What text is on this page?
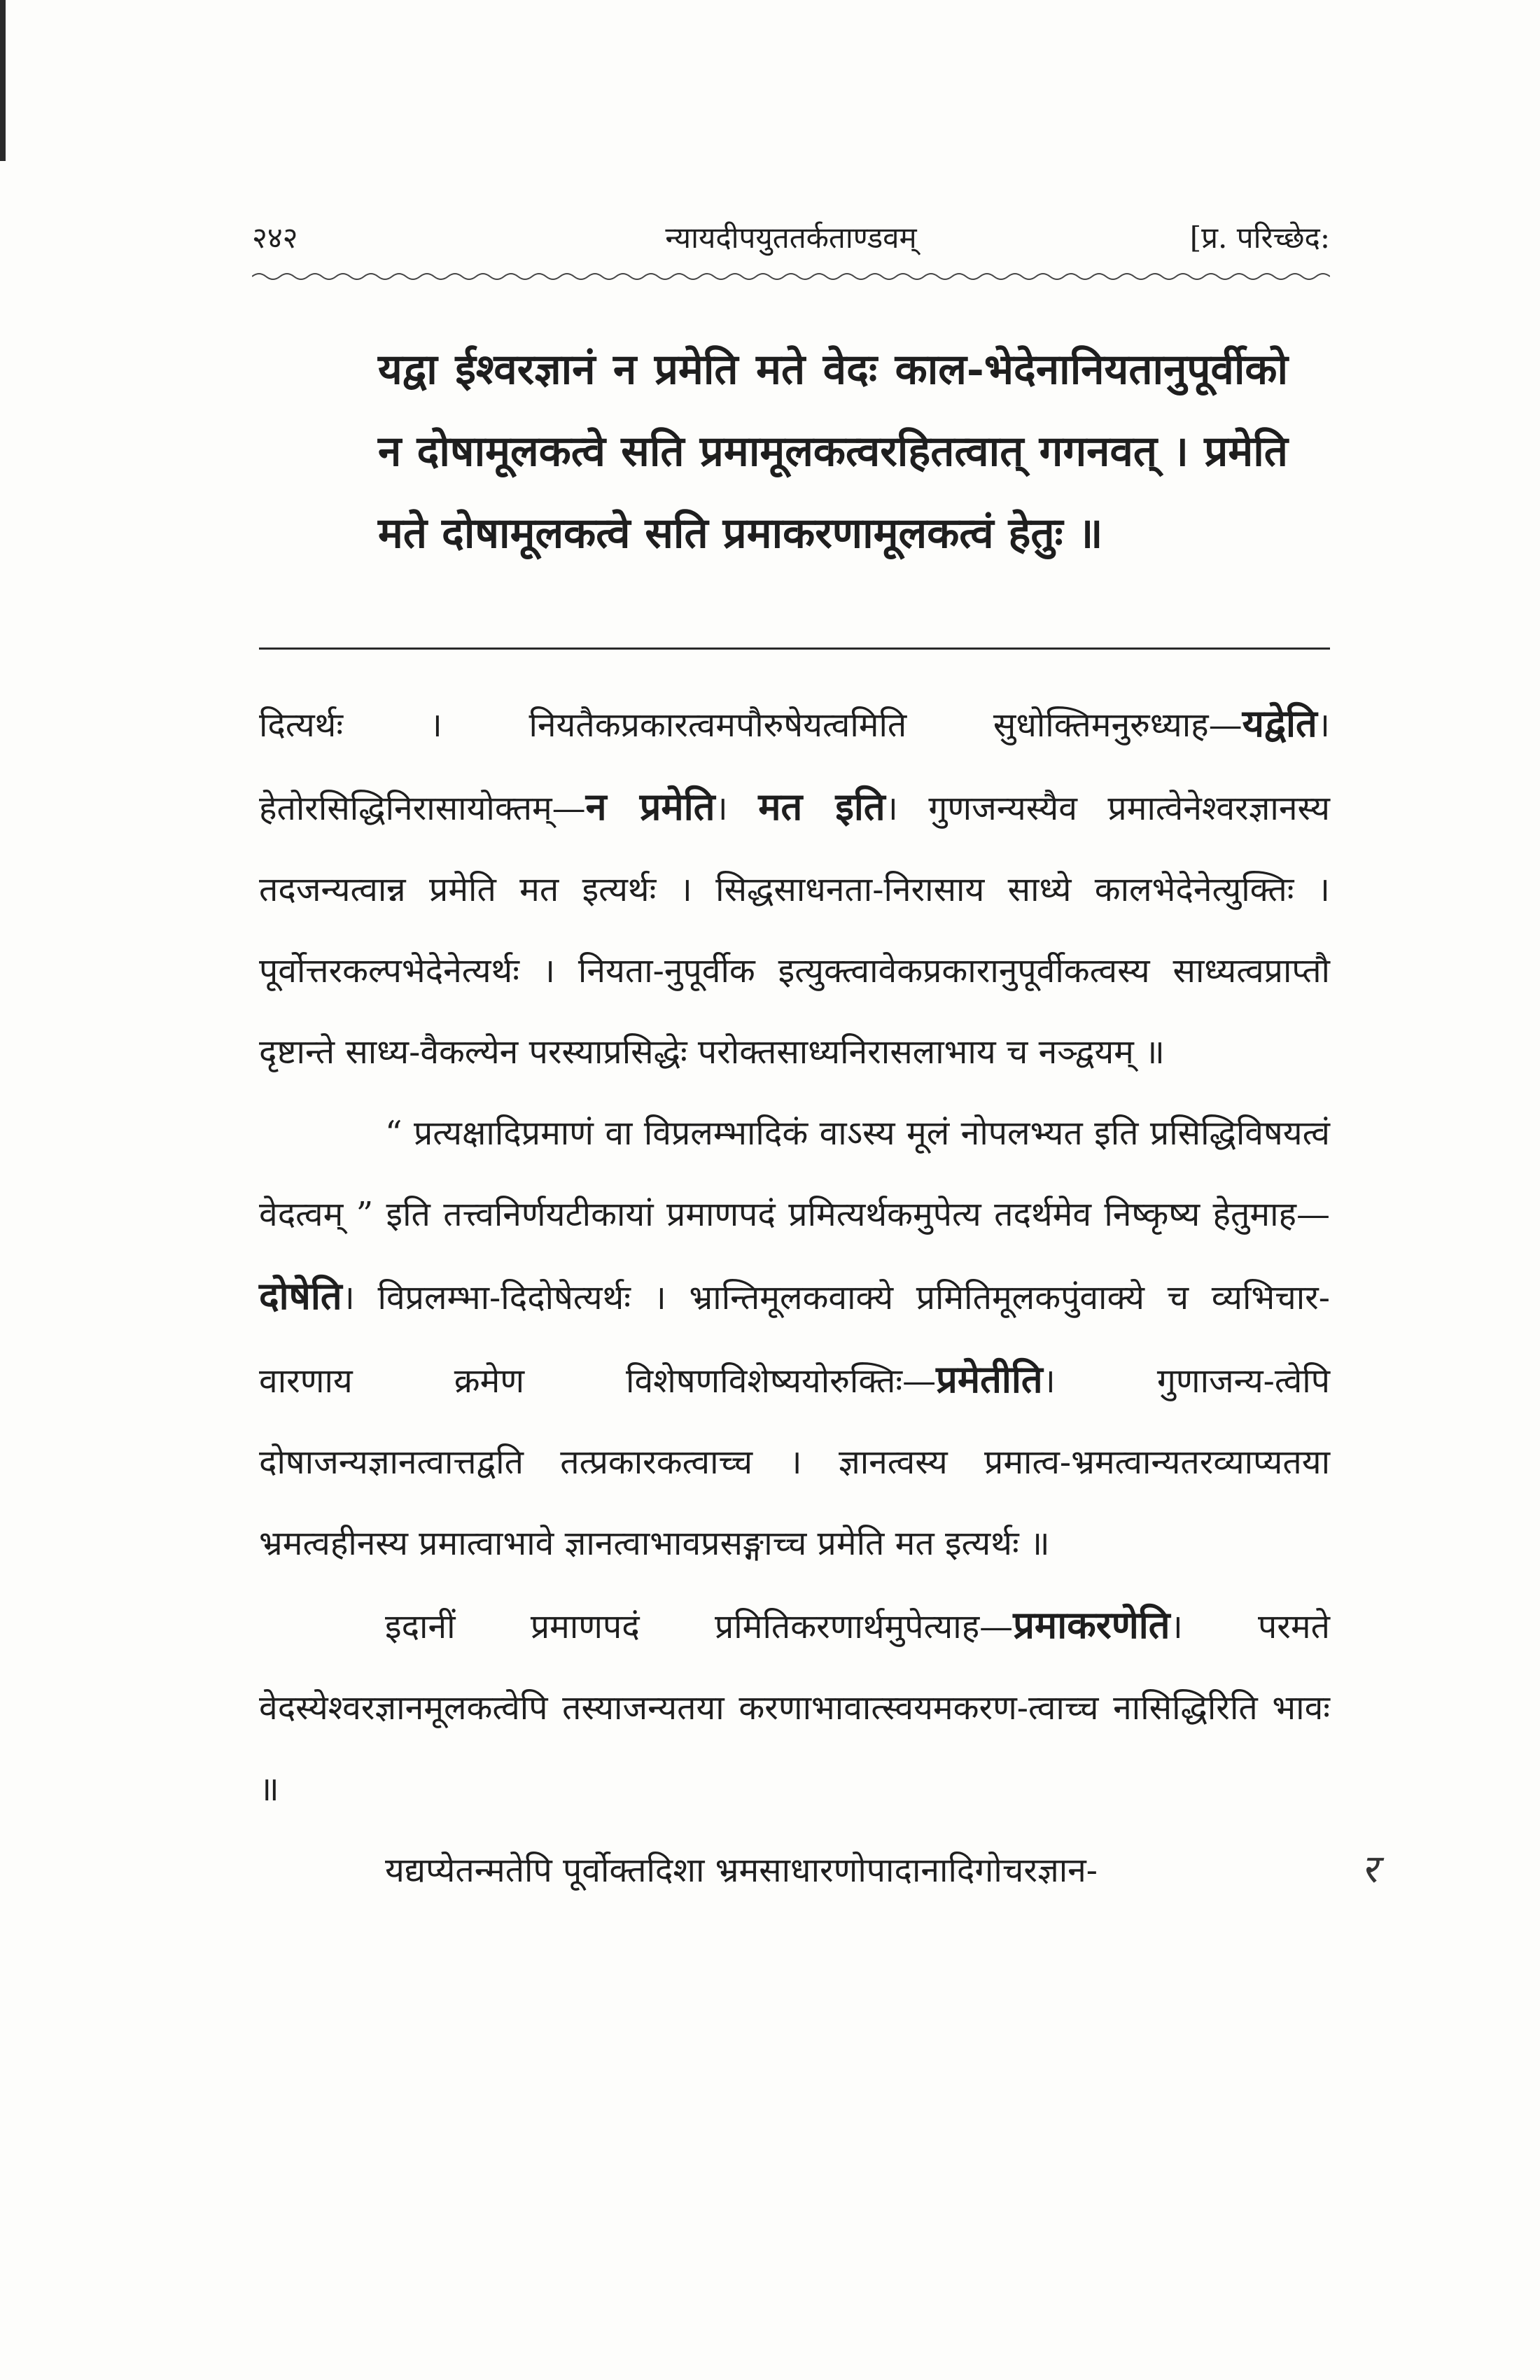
२४२	न्यायदीपयुततर्कताण्डवम्	[प्र. परिच्छेद:
यद्वा ईश्वरज्ञानं न प्रमेति मते वेदः काल-भेदेनानियतानुपूर्वीको न दोषामूलकत्वे सति प्रमामूलकत्वरहितत्वात् गगनवत् । प्रमेति मते दोषामूलकत्वे सति प्रमाकरणामूलकत्वं हेतुः ॥

दित्यर्थः । नियतैकप्रकारत्वमपौरुषेयत्वमिति सुधोक्तिमनुरुध्याह—यद्वेति। हेतोरसिद्धिनिरासायोक्तम्—न प्रमेति। मत इति। गुणजन्यस्यैव प्रमात्वेनेश्वरज्ञानस्य तदजन्यत्वान्न प्रमेति मत इत्यर्थः । सिद्धसाधनता-निरासाय साध्ये कालभेदेनेत्युक्तिः । पूर्वोत्तरकल्पभेदेनेत्यर्थः । नियता-नुपूर्वीक इत्युक्त्वावेकप्रकारानुपूर्वीकत्वस्य साध्यत्वप्राप्तौ दृष्टान्ते साध्य-वैकल्येन परस्याप्रसिद्धेः परोक्तसाध्यनिरासलाभाय च नञ्द्वयम् ॥

“ प्रत्यक्षादिप्रमाणं वा विप्रलम्भादिकं वाऽस्य मूलं नोपलभ्यत इति प्रसिद्धिविषयत्वं वेदत्वम् ” इति तत्त्वनिर्णयटीकायां प्रमाणपदं प्रमित्यर्थकमुपेत्य तदर्थमेव निष्कृष्य हेतुमाह—दोषेति। विप्रलम्भा-दिदोषेत्यर्थः । भ्रान्तिमूलकवाक्ये प्रमितिमूलकपुंवाक्ये च व्यभिचार-वारणाय क्रमेण विशेषणविशेष्ययोरुक्तिः—प्रमेतीति। गुणाजन्य-त्वेपि दोषाजन्यज्ञानत्वात्तद्वति तत्प्रकारकत्वाच्च । ज्ञानत्वस्य प्रमात्व-भ्रमत्वान्यतरव्याप्यतया भ्रमत्वहीनस्य प्रमात्वाभावे ज्ञानत्वाभावप्रसङ्गाच्च प्रमेति मत इत्यर्थः ॥

इदानीं प्रमाणपदं प्रमितिकरणार्थमुपेत्याह—प्रमाकरणेति। परमते वेदस्येश्वरज्ञानमूलकत्वेपि तस्याजन्यतया करणाभावात्स्वयमकरण-त्वाच्च नासिद्धिरिति भावः ॥

यद्यप्येतन्मतेपि पूर्वोक्तदिशा भ्रमसाधारणोपादानादिगोचरज्ञान-	र
